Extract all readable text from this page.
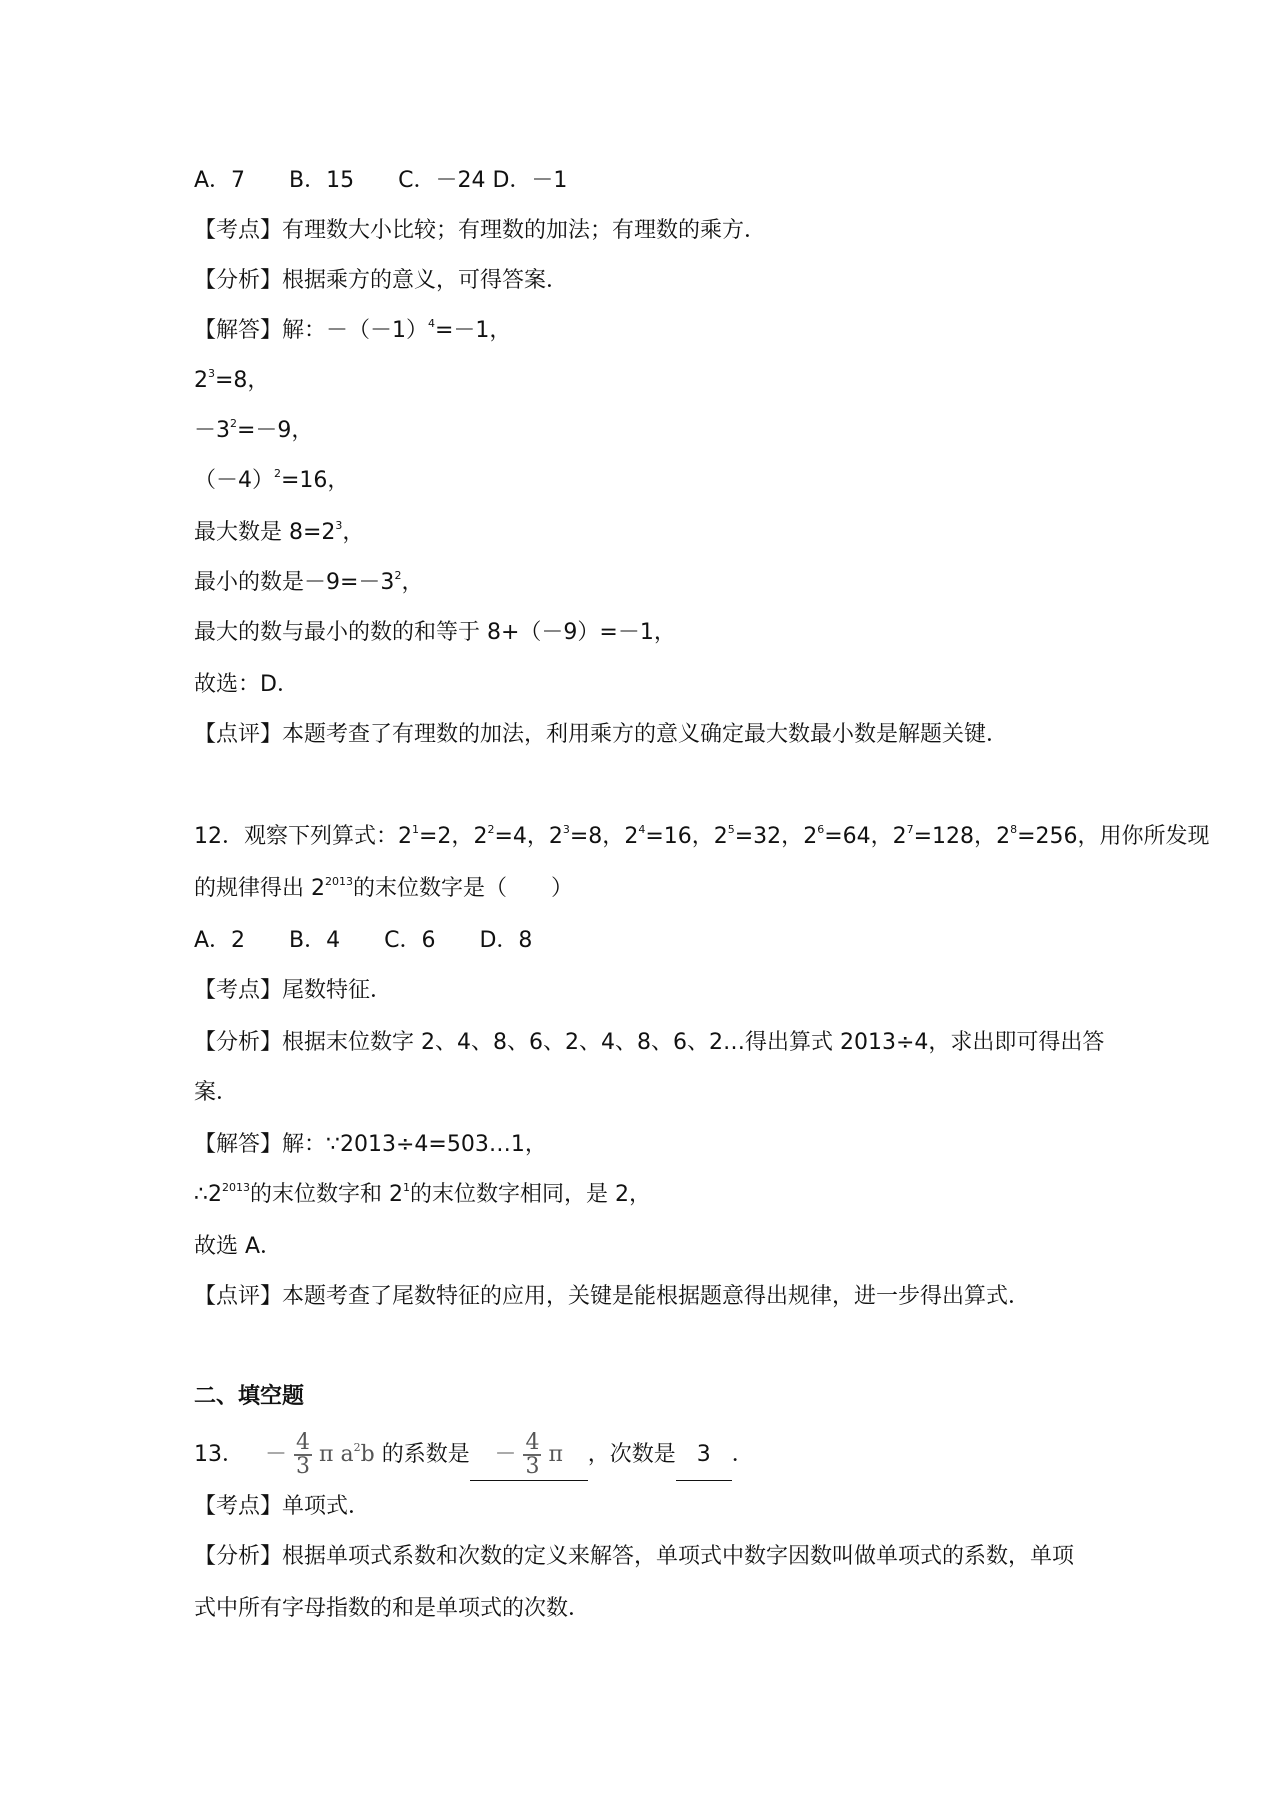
A．7　　B．15　　C．－24 D．－1
【考点】有理数大小比较；有理数的加法；有理数的乘方．
【分析】根据乘方的意义，可得答案．
【解答】解：$-(-1)^4=-1$，
$2^3=8$，
$-3^2=-9$，
$(-4)^2=16$，
最大数是 $8=2^3$，
最小的数是$-9=-3^2$，
最大的数与最小的数的和等于 8+（－9）=－1，
故选：D．
【点评】本题考查了有理数的加法，利用乘方的意义确定最大数最小数是解题关键．
12．观察下列算式：$2^1=2$，$2^2=4$，$2^3=8$，$2^4=16$，$2^5=32$，$2^6=64$，$2^7=128$，$2^8=256$，用你所发现
的规律得出 $2^{2013}$的末位数字是（　　）
A．2　　B．4　　C．6　　D．8
【考点】尾数特征．
【分析】根据末位数字 2、4、8、6、2、4、8、6、2…得出算式 2013÷4，求出即可得出答
案．
【解答】解：∵2013÷4=503…1，
$\therefore 2^{2013}$的末位数字和 $2^1$的末位数字相同，是 2，
故选 A．
【点评】本题考查了尾数特征的应用，关键是能根据题意得出规律，进一步得出算式．
二、填空题
13． － $\frac{4}{3}$ π $a^2b$ 的系数是 － $\frac{4}{3}$ π ，次数是 3 ．
【考点】单项式．
【分析】根据单项式系数和次数的定义来解答，单项式中数字因数叫做单项式的系数，单项
式中所有字母指数的和是单项式的次数．
